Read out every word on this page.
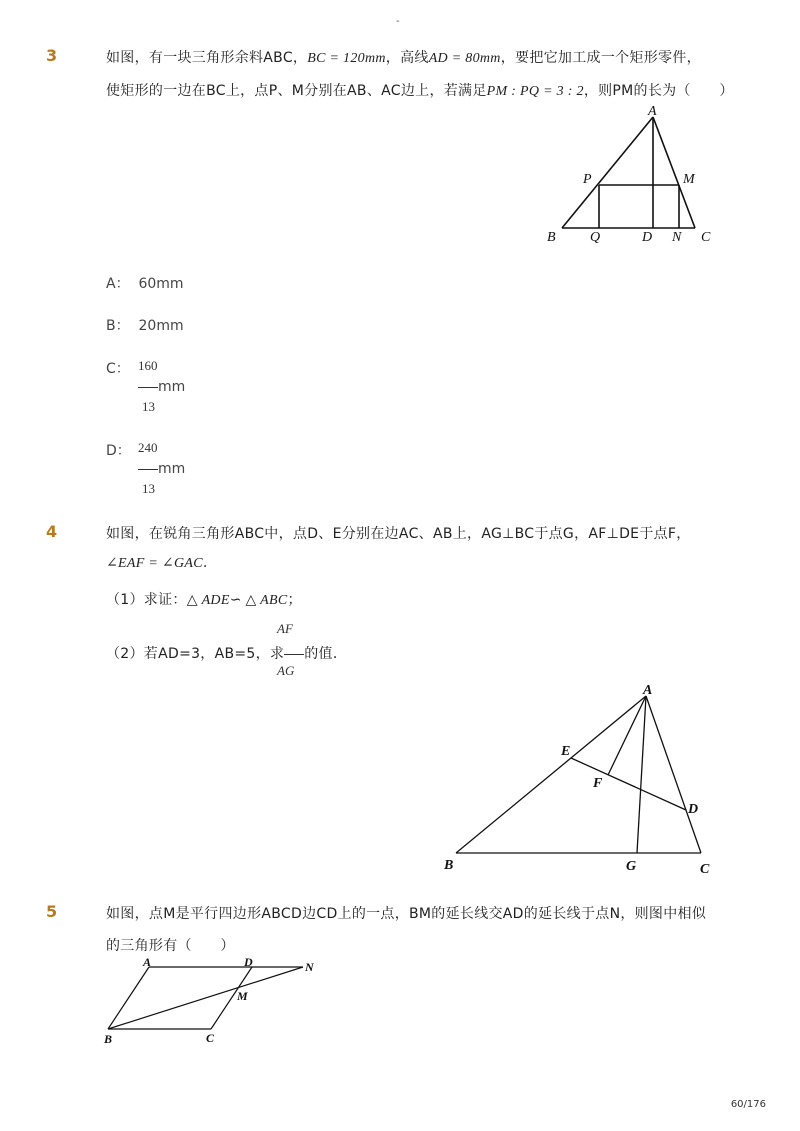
-
3	如图，有一块三角形余料ABC，BC = 120mm，高线AD = 80mm，要把它加工成一个矩形零件，
使矩形的一边在BC上，点P、M分别在AB、AC边上，若满足PM : PQ = 3 : 2，则PM的长为（　　）
A
P	M
B Q	D N C
A： 60mm
B： 20mm
C： 160
mm
13
D： 240
mm
13
4	如图，在锐角三角形ABC中，点D、E分别在边AC、AB上，AG⊥BC于点G，AF⊥DE于点F，
∠EAF = ∠GAC.
（1）求证：△ ADE∽ △ ABC；
AF
（2）若AD=3，AB=5，求 的值．
AG
A
E
F
D
B	G	C
5	如图，点M是平行四边形ABCD边CD上的一点，BM的延长线交AD的延长线于点N，则图中相似
的三角形有（　　）
A	D	N
M
B	C
60/176
